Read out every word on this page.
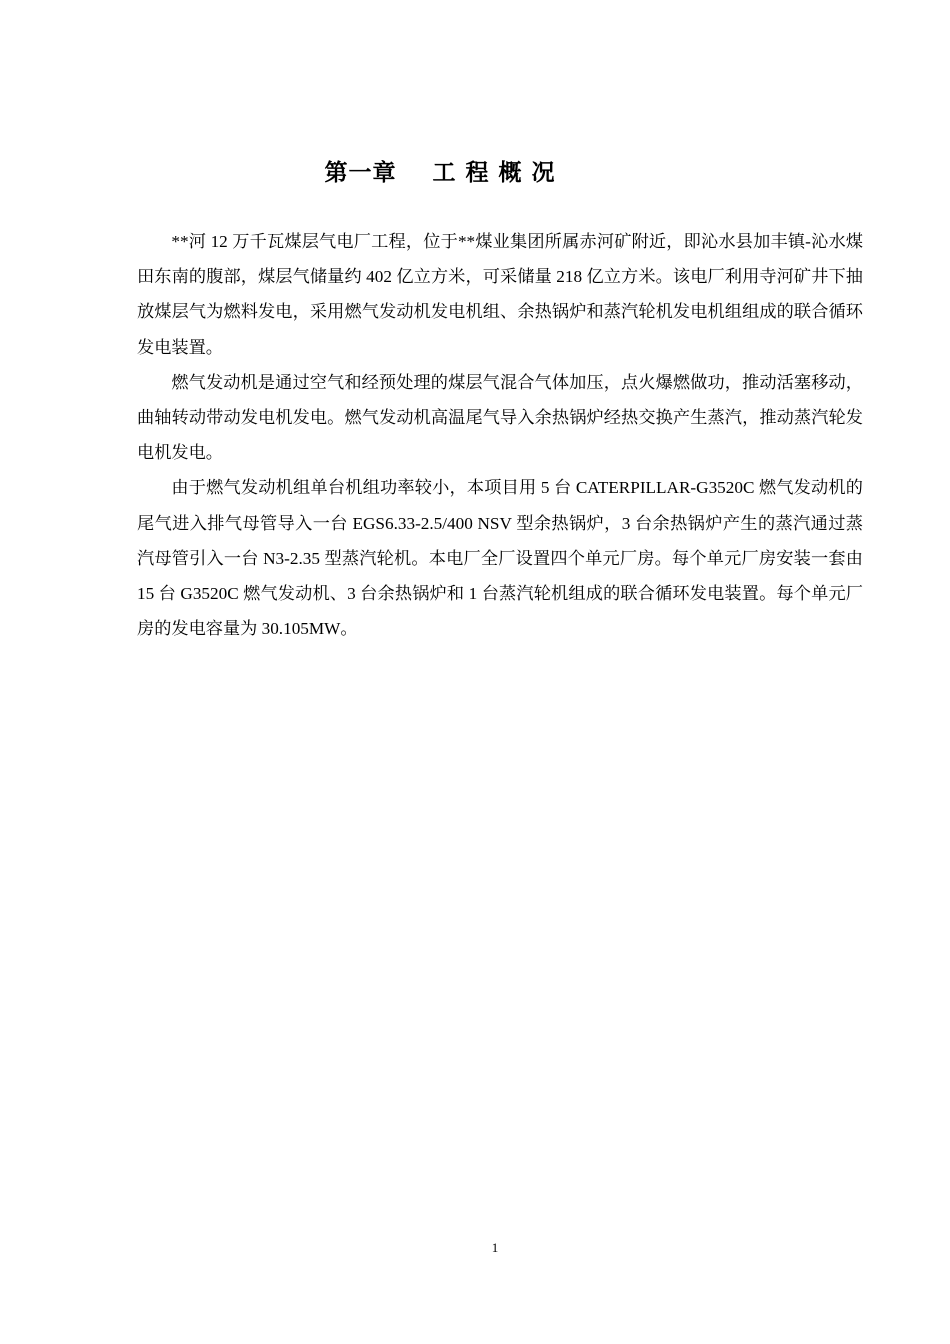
第一章    工 程 概 况

**河 12 万千瓦煤层气电厂工程，位于**煤业集团所属赤河矿附近，即沁水县加丰镇-沁水煤田东南的腹部，煤层气储量约 402 亿立方米，可采储量 218 亿立方米。该电厂利用寺河矿井下抽放煤层气为燃料发电，采用燃气发动机发电机组、余热锅炉和蒸汽轮机发电机组组成的联合循环发电装置。

燃气发动机是通过空气和经预处理的煤层气混合气体加压，点火爆燃做功，推动活塞移动，曲轴转动带动发电机发电。燃气发动机高温尾气导入余热锅炉经热交换产生蒸汽，推动蒸汽轮发电机发电。

由于燃气发动机组单台机组功率较小，本项目用 5 台 CATERPILLAR-G3520C 燃气发动机的尾气进入排气母管导入一台 EGS6.33-2.5/400 NSV 型余热锅炉，3 台余热锅炉产生的蒸汽通过蒸汽母管引入一台 N3-2.35 型蒸汽轮机。本电厂全厂设置四个单元厂房。每个单元厂房安装一套由 15 台 G3520C 燃气发动机、3 台余热锅炉和 1 台蒸汽轮机组成的联合循环发电装置。每个单元厂房的发电容量为 30.105MW。

1
